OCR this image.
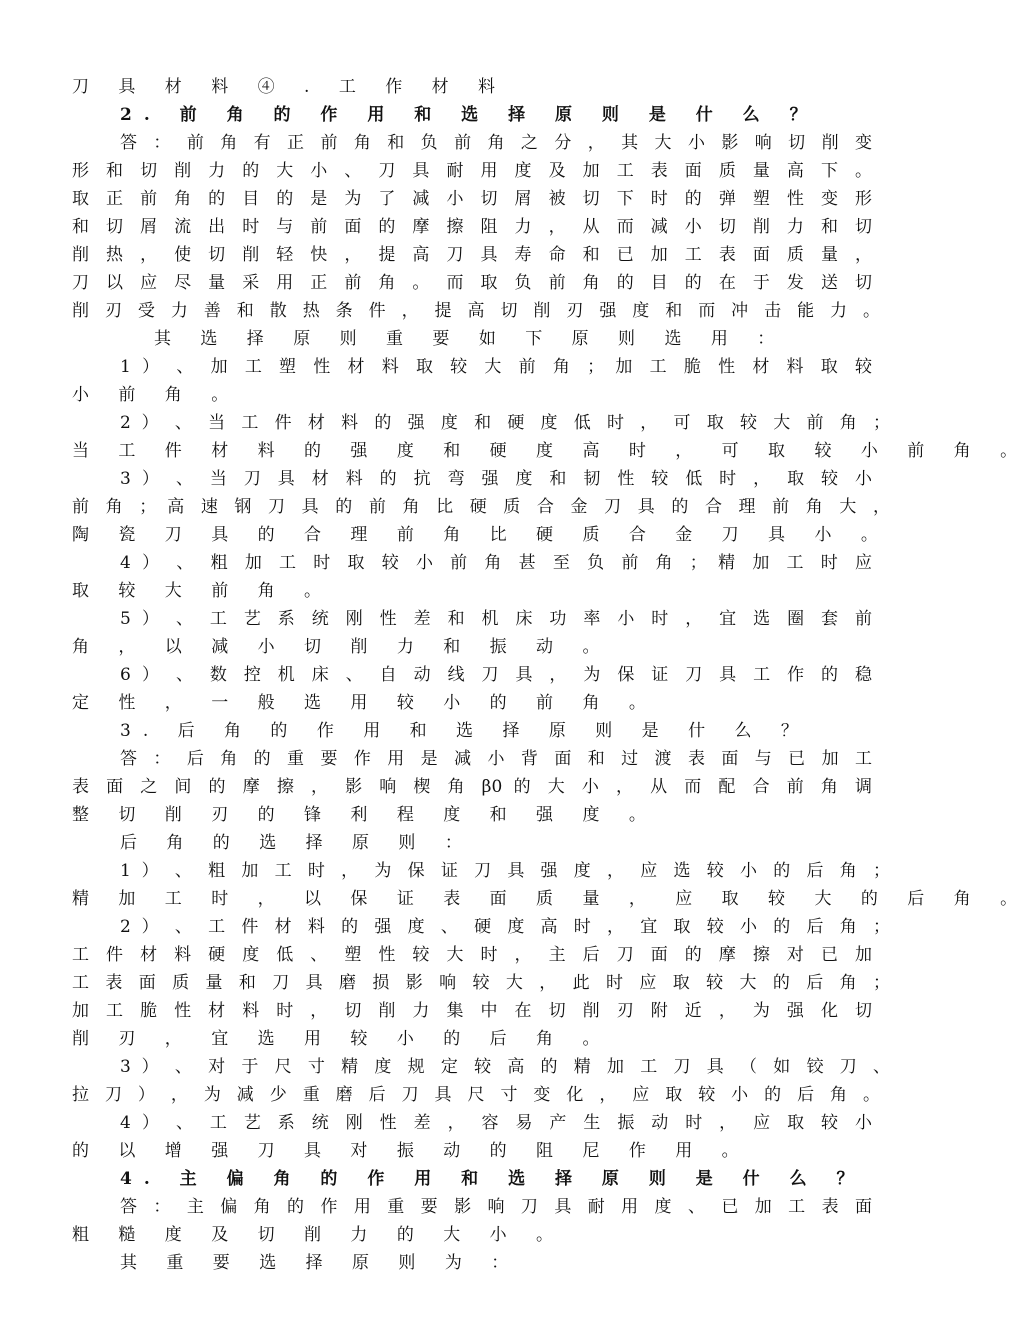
刀 具 材 料 ④ . 工 作 材 料
2. 前 角 的 作 用 和 选 择 原 则 是 什 么 ？
答 ： 前 角 有 正 前 角 和 负 前 角 之 分 ， 其 大 小 影 响 切 削 变
形 和 切 削 力 的 大 小 、 刀 具 耐 用 度 及 加 工 表 面 质 量 高 下 。
取 正 前 角 的 目 的 是 为 了 减 小 切 屑 被 切 下 时 的 弹 塑 性 变 形
和 切 屑 流 出 时 与 前 面 的 摩 擦 阻 力 ， 从 而 减 小 切 削 力 和 切
削 热 ， 使 切 削 轻 快 ， 提 高 刀 具 寿 命 和 已 加 工 表 面 质 量 ，
刀 以 应 尽 量 采 用 正 前 角 。 而 取 负 前 角 的 目 的 在 于 发 送 切
削 刃 受 力 善 和 散 热 条 件 ， 提 高 切 削 刃 强 度 和 而 冲 击 能 力 。
其 选 择 原 则 重 要 如 下 原 则 选 用 ：
1 ） 、 加 工 塑 性 材 料 取 较 大 前 角 ； 加 工 脆 性 材 料 取 较
小 前 角 。
2 ） 、 当 工 件 材 料 的 强 度 和 硬 度 低 时 ， 可 取 较 大 前 角 ；
当 工 件 材 料 的 强 度 和 硬 度 高 时 ， 可 取 较 小 前 角 。
3 ） 、 当 刀 具 材 料 的 抗 弯 强 度 和 韧 性 较 低 时 ， 取 较 小
前 角 ； 高 速 钢 刀 具 的 前 角 比 硬 质 合 金 刀 具 的 合 理 前 角 大 ，
陶 瓷 刀 具 的 合 理 前 角 比 硬 质 合 金 刀 具 小 。
4 ） 、 粗 加 工 时 取 较 小 前 角 甚 至 负 前 角 ； 精 加 工 时 应
取 较 大 前 角 。
5 ） 、 工 艺 系 统 刚 性 差 和 机 床 功 率 小 时 ， 宜 选 圈 套 前
角 ， 以 减 小 切 削 力 和 振 动 。
6 ） 、 数 控 机 床 、 自 动 线 刀 具 ， 为 保 证 刀 具 工 作 的 稳
定 性 ， 一 般 选 用 较 小 的 前 角 。
3. 后 角 的 作 用 和 选 择 原 则 是 什 么 ？
答 ： 后 角 的 重 要 作 用 是 减 小 背 面 和 过 渡 表 面 与 已 加 工
表 面 之 间 的 摩 擦 ， 影 响 楔 角 β0 的 大 小 ， 从 而 配 合 前 角 调
整 切 削 刃 的 锋 利 程 度 和 强 度 。
后 角 的 选 择 原 则 ：
1 ） 、 粗 加 工 时 ， 为 保 证 刀 具 强 度 ， 应 选 较 小 的 后 角 ；
精 加 工 时 ， 以 保 证 表 面 质 量 ， 应 取 较 大 的 后 角 。
2 ） 、 工 件 材 料 的 强 度 、 硬 度 高 时 ， 宜 取 较 小 的 后 角 ；
工 件 材 料 硬 度 低 、 塑 性 较 大 时 ， 主 后 刀 面 的 摩 擦 对 已 加
工 表 面 质 量 和 刀 具 磨 损 影 响 较 大 ， 此 时 应 取 较 大 的 后 角 ；
加 工 脆 性 材 料 时 ， 切 削 力 集 中 在 切 削 刃 附 近 ， 为 强 化 切
削 刃 ， 宜 选 用 较 小 的 后 角 。
3 ） 、 对 于 尺 寸 精 度 规 定 较 高 的 精 加 工 刀 具 （ 如 铰 刀 、
拉 刀 ） ， 为 减 少 重 磨 后 刀 具 尺 寸 变 化 ， 应 取 较 小 的 后 角 。
4 ） 、 工 艺 系 统 刚 性 差 ， 容 易 产 生 振 动 时 ， 应 取 较 小
的 以 增 强 刀 具 对 振 动 的 阻 尼 作 用 。
4. 主 偏 角 的 作 用 和 选 择 原 则 是 什 么 ？
答 ： 主 偏 角 的 作 用 重 要 影 响 刀 具 耐 用 度 、 已 加 工 表 面
粗 糙 度 及 切 削 力 的 大 小 。
其 重 要 选 择 原 则 为 ：
